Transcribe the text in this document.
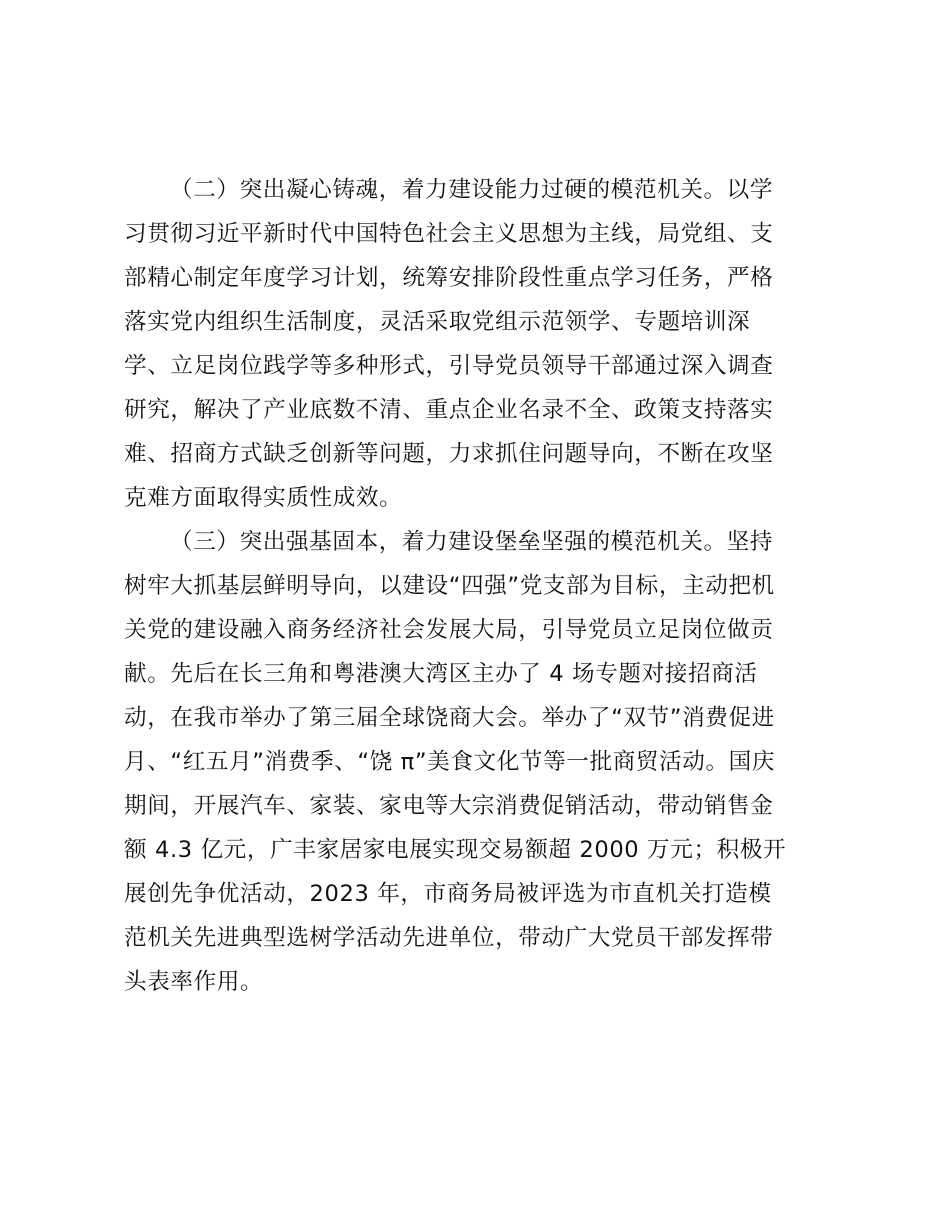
（二）突出凝心铸魂，着力建设能力过硬的模范机关。以学
习贯彻习近平新时代中国特色社会主义思想为主线，局党组、支
部精心制定年度学习计划，统筹安排阶段性重点学习任务，严格
落实党内组织生活制度，灵活采取党组示范领学、专题培训深
学、立足岗位践学等多种形式，引导党员领导干部通过深入调查
研究，解决了产业底数不清、重点企业名录不全、政策支持落实
难、招商方式缺乏创新等问题，力求抓住问题导向，不断在攻坚
克难方面取得实质性成效。
（三）突出强基固本，着力建设堡垒坚强的模范机关。坚持
树牢大抓基层鲜明导向，以建设“四强”党支部为目标，主动把机
关党的建设融入商务经济社会发展大局，引导党员立足岗位做贡
献。先后在长三角和粤港澳大湾区主办了 4 场专题对接招商活
动，在我市举办了第三届全球饶商大会。举办了“双节”消费促进
月、“红五月”消费季、“饶 π”美食文化节等一批商贸活动。国庆
期间，开展汽车、家装、家电等大宗消费促销活动，带动销售金
额 4.3 亿元，广丰家居家电展实现交易额超 2000 万元；积极开
展创先争优活动，2023 年，市商务局被评选为市直机关打造模
范机关先进典型选树学活动先进单位，带动广大党员干部发挥带
头表率作用。
